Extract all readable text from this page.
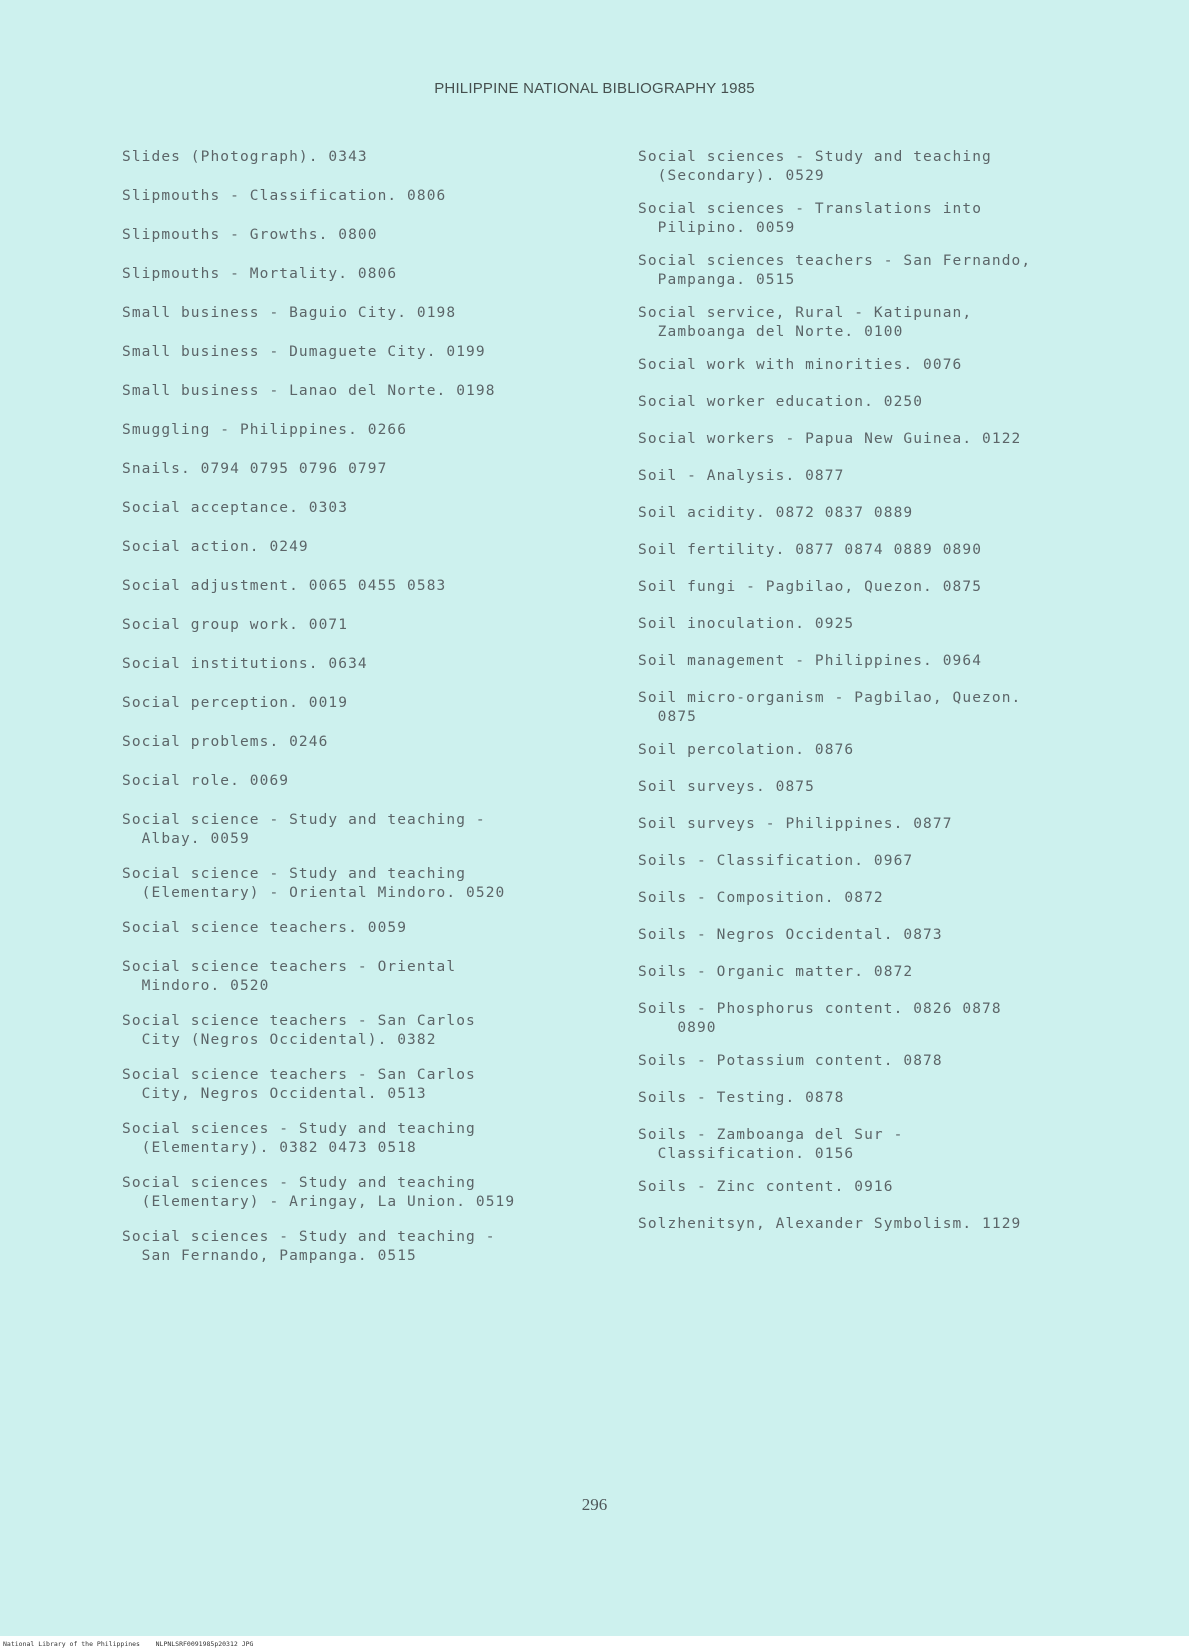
PHILIPPINE NATIONAL BIBLIOGRAPHY 1985
Slides (Photograph). 0343
Slipmouths - Classification. 0806
Slipmouths - Growths. 0800
Slipmouths - Mortality. 0806
Small business - Baguio City. 0198
Small business - Dumaguete City. 0199
Small business - Lanao del Norte. 0198
Smuggling - Philippines. 0266
Snails. 0794 0795 0796 0797
Social acceptance. 0303
Social action. 0249
Social adjustment. 0065 0455 0583
Social group work. 0071
Social institutions. 0634
Social perception. 0019
Social problems. 0246
Social role. 0069
Social science - Study and teaching -
Albay. 0059
Social science - Study and teaching
(Elementary) - Oriental Mindoro. 0520
Social science teachers. 0059
Social science teachers - Oriental
Mindoro. 0520
Social science teachers - San Carlos
City (Negros Occidental). 0382
Social science teachers - San Carlos
City, Negros Occidental. 0513
Social sciences - Study and teaching
(Elementary). 0382 0473 0518
Social sciences - Study and teaching
(Elementary) - Aringay, La Union. 0519
Social sciences - Study and teaching -
San Fernando, Pampanga. 0515
Social sciences - Study and teaching
(Secondary). 0529
Social sciences - Translations into
Pilipino. 0059
Social sciences teachers - San Fernando,
Pampanga. 0515
Social service, Rural - Katipunan,
Zamboanga del Norte. 0100
Social work with minorities. 0076
Social worker education. 0250
Social workers - Papua New Guinea. 0122
Soil - Analysis. 0877
Soil acidity. 0872 0837 0889
Soil fertility. 0877 0874 0889 0890
Soil fungi - Pagbilao, Quezon. 0875
Soil inoculation. 0925
Soil management - Philippines. 0964
Soil micro-organism - Pagbilao, Quezon.
0875
Soil percolation. 0876
Soil surveys. 0875
Soil surveys - Philippines. 0877
Soils - Classification. 0967
Soils - Composition. 0872
Soils - Negros Occidental. 0873
Soils - Organic matter. 0872
Soils - Phosphorus content. 0826 0878
0890
Soils - Potassium content. 0878
Soils - Testing. 0878
Soils - Zamboanga del Sur -
Classification. 0156
Soils - Zinc content. 0916
Solzhenitsyn, Alexander Symbolism. 1129
296
National Library of the Philippines    NLPNLSRF0091985p20312 JPG
